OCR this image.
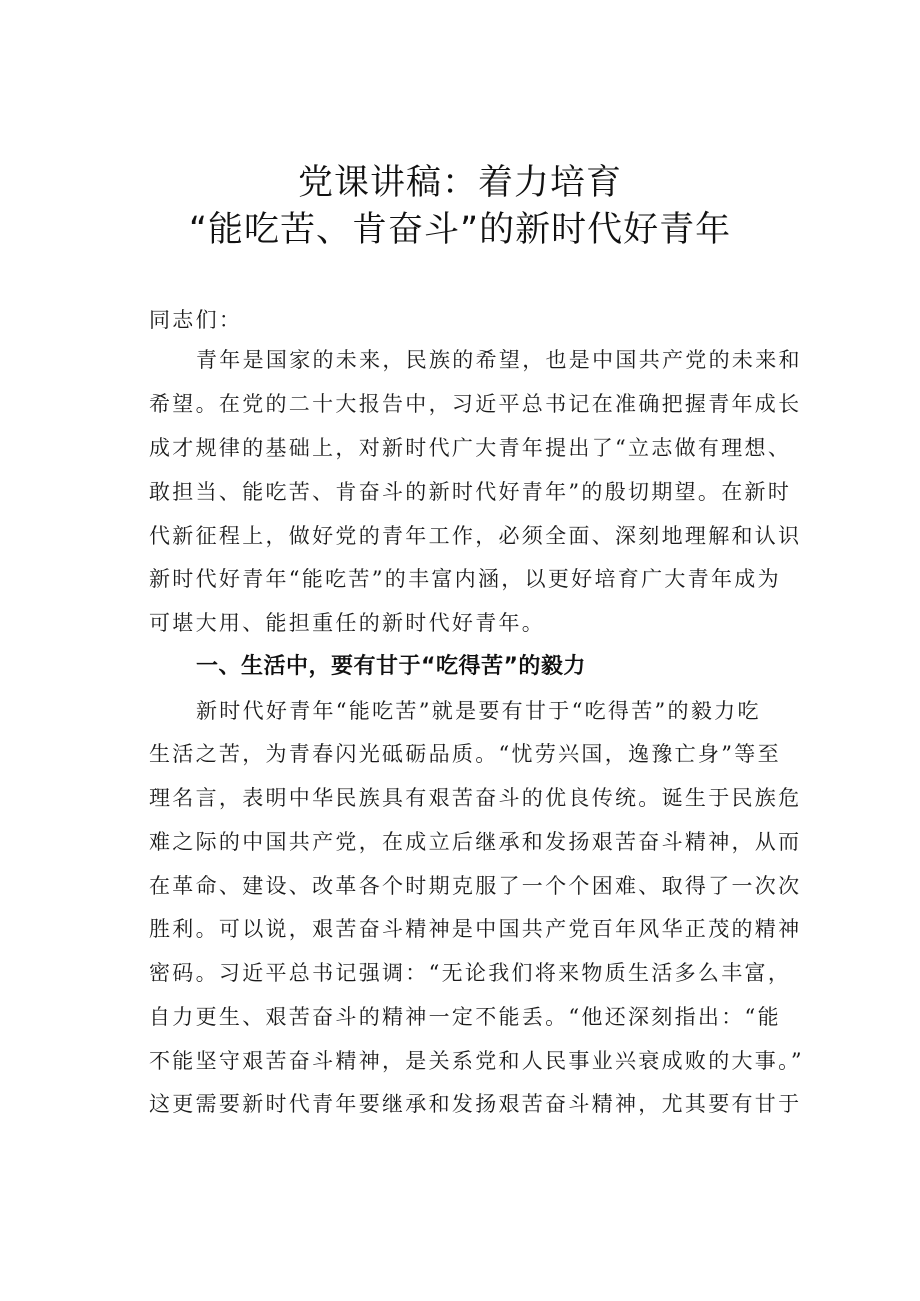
党课讲稿：着力培育
“能吃苦、肯奋斗”的新时代好青年
同志们：
青年是国家的未来，民族的希望，也是中国共产党的未来和
希望。在党的二十大报告中，习近平总书记在准确把握青年成长
成才规律的基础上，对新时代广大青年提出了“立志做有理想、
敢担当、能吃苦、肯奋斗的新时代好青年”的殷切期望。在新时
代新征程上，做好党的青年工作，必须全面、深刻地理解和认识
新时代好青年“能吃苦”的丰富内涵，以更好培育广大青年成为
可堪大用、能担重任的新时代好青年。
一、生活中，要有甘于“吃得苦”的毅力
新时代好青年“能吃苦”就是要有甘于“吃得苦”的毅力吃
生活之苦，为青春闪光砥砺品质。“忧劳兴国，逸豫亡身”等至
理名言，表明中华民族具有艰苦奋斗的优良传统。诞生于民族危
难之际的中国共产党，在成立后继承和发扬艰苦奋斗精神，从而
在革命、建设、改革各个时期克服了一个个困难、取得了一次次
胜利。可以说，艰苦奋斗精神是中国共产党百年风华正茂的精神
密码。习近平总书记强调：“无论我们将来物质生活多么丰富，
自力更生、艰苦奋斗的精神一定不能丢。“他还深刻指出：“能
不能坚守艰苦奋斗精神，是关系党和人民事业兴衰成败的大事。”
这更需要新时代青年要继承和发扬艰苦奋斗精神，尤其要有甘于
